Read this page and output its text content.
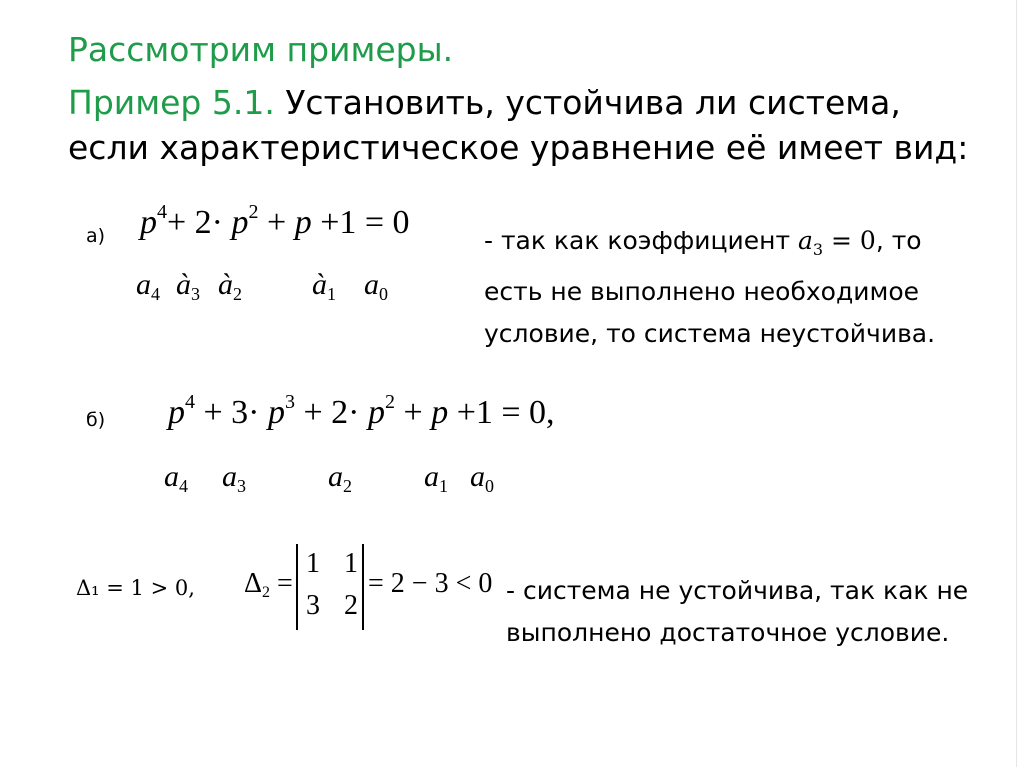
Рассмотрим примеры.
Пример 5.1. Установить, устойчива ли система,
если характеристическое уравнение её имеет вид:
а) $p^4+ 2\cdot p^2 + p +1 = 0$
$a_4$ $à_3$ $à_2$ $à_1$ $a_0$
- так как коэффициент $a_3 = 0$, то
есть не выполнено необходимое
условие, то система неустойчива.
б) $p^4 + 3\cdot p^3 + 2\cdot p^2 + p +1 = 0$,
$a_4$ $a_3$	$a_2$ $a_1$ $a_0$
Δ₁ = 1 > 0, $\Delta_2$ =
1 1
3 2
= 2 − 3 < 0 - система не устойчива, так как не
выполнено достаточное условие.
